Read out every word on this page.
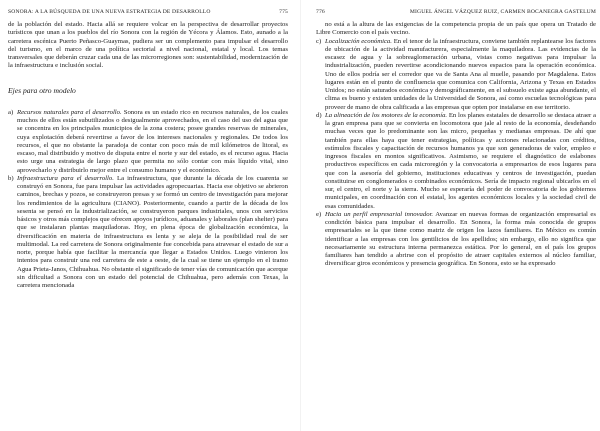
SONORA: A LA BÚSQUEDA DE UNA NUEVA ESTRATEGIA DE DESARROLLO	775

de la población del estado. Hacia allá se requiere volcar en la perspectiva de desarrollar proyectos turísticos que unan a los pueblos del río Sonora con la región de Yécora y Álamos. Esto, aunado a la carretera escénica Puerto Peñasco-Guaymas, pudiera ser un complemento para impulsar el desarrollo del turismo, en el marco de una política sectorial a nivel nacional, estatal y local. Los temas transversales que deberán cruzar cada una de las microrregiones son: sustentabilidad, modernización de la infraestructura e inclusión social.

Ejes para otro modelo
a) Recursos naturales para el desarrollo. Sonora es un estado rico en recursos naturales, de los cuales muchos de ellos están subutilizados o desigualmente aprovechados, en el caso del uso del agua que se concentra en los principales municipios de la zona costera; posee grandes reservas de minerales, cuya explotación deberá revertirse a favor de los intereses nacionales y regionales. De todos los recursos, el que no obstante la paradoja de contar con poco más de mil kilómetros de litoral, es escaso, mal distribuido y motivo de disputa entre el norte y sur del estado, es el recurso agua. Hacia esto urge una estrategia de largo plazo que permita no sólo contar con más líquido vital, sino aprovecharlo y distribuirlo mejor entre el consumo humano y el económico.

b) Infraestructura para el desarrollo. La infraestructura, que durante la década de los cuarenta se construyó en Sonora, fue para impulsar las actividades agropecuarias. Hacia ese objetivo se abrieron caminos, brechas y pozos, se construyeron presas y se formó un centro de investigación para mejorar los rendimientos de la agricultura (CIANO). Posteriormente, cuando a partir de la década de los sesenta se pensó en la industrialización, se construyeron parques industriales, unos con servicios básicos y otros más complejos que ofrecen apoyos jurídicos, aduanales y laborales (plan shelter) para que se instalaran plantas maquiladoras. Hoy, en plena época de globalización económica, la diversificación en materia de infraestructura es lenta y se aleja de la posibilidad real de ser multimodal. La red carretera de Sonora originalmente fue concebida para atravesar el estado de sur a norte, porque había que facilitar la mercancía que llegar a Estados Unidos. Luego vinieron los intentos para construir una red carretera de este a oeste, de la cual se tiene un ejemplo en el tramo Agua Prieta-Janos, Chihuahua. No obstante el significado de tener vías de comunicación que acerque sin dificultad a Sonora con un estado del potencial de Chihuahua, pero además con Texas, la carretera mencionada

776	MIGUEL ÁNGEL VÁZQUEZ RUIZ, CARMEN BOCANEGRA GASTELUM

no está a la altura de las exigencias de la competencia propia de un país que opera un Tratado de Libre Comercio con el país vecino.

c) Localización económica. En el tenor de la infraestructura, conviene también replantearse los factores de ubicación de la actividad manufacturera, especialmente la maquiladora. Las evidencias de la escasez de agua y la sobreaglomeración urbana, vistas como negativas para impulsar la industrialización, pueden revertirse acondicionando nuevos espacios para la operación económica. Uno de ellos podría ser el corredor que va de Santa Ana al muelle, pasando por Magdalena. Estos lugares están en el punto de confluencia que comunica con California, Arizona y Texas en Estados Unidos; no están saturados económica y demográficamente, en el subsuelo existe agua abundante, el clima es bueno y existen unidades de la Universidad de Sonora, así como escuelas tecnológicas para proveer de mano de obra calificada a las empresas que opten por instalarse en ese territorio.

d) La alineación de los motores de la economía. En los planes estatales de desarrollo se destaca atraer a la gran empresa para que se convierta en locomotora que jale al resto de la economía, desdeñando muchas veces que lo predominante son las micro, pequeñas y medianas empresas. De ahí que también para ellas haya que tener estrategias, políticas y acciones relacionadas con créditos, estímulos fiscales y capacitación de recursos humanos ya que son generadoras de valor, empleo e ingresos fiscales en montos significativos. Asimismo, se requiere el diagnóstico de eslabones productivos específicos en cada microregión y la convocatoria a empresarios de esos lugares para que con la asesoría del gobierno, instituciones educativas y centros de investigación, puedan constituirse en conglomerados o combinados económicos. Sería de impacto regional ubicarlos en el sur, el centro, el norte y la sierra. Mucho se esperaría del poder de convocatoria de los gobiernos municipales, en coordinación con el estatal, los agentes económicos locales y la sociedad civil de esas comunidades.

e) Hacia un perfil empresarial innovador. Avanzar en nuevas formas de organización empresarial es condición básica para impulsar el desarrollo. En Sonora, la forma más conocida de grupos empresariales se la que tiene como matriz de origen los lazos familiares. En México es común identificar a las empresas con los gentilicios de los apellidos; sin embargo, ello no significa que necesariamente su estructura interna permanezca estática. Por lo general, en el país los grupos familiares han tendido a abrirse con el propósito de atraer capitales externos al núcleo familiar, diversificar giros económicos y presencia geográfica. En Sonora, esto se ha expresado
